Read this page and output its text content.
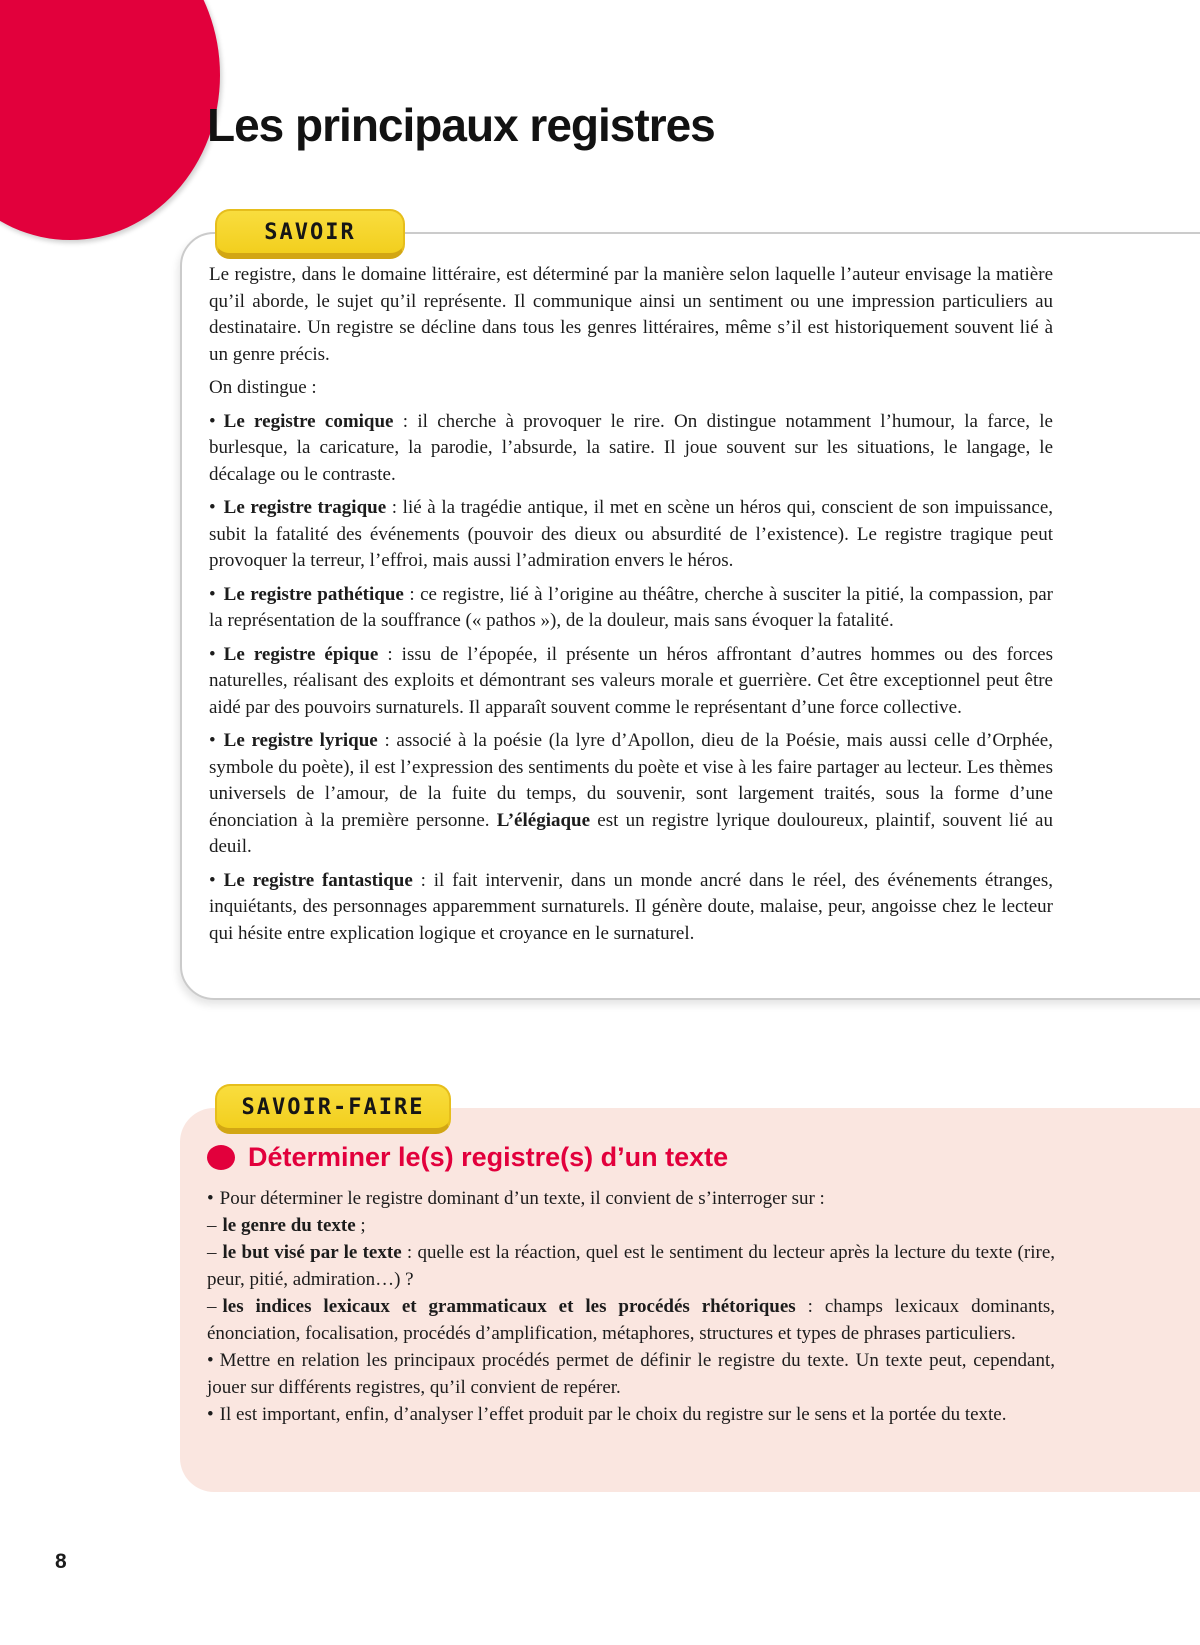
Les principaux registres
SAVOIR

Le registre, dans le domaine littéraire, est déterminé par la manière selon laquelle l’auteur envisage la matière qu’il aborde, le sujet qu’il représente. Il communique ainsi un sentiment ou une impression particuliers au destinataire. Un registre se décline dans tous les genres littéraires, même s’il est historiquement souvent lié à un genre précis.

On distingue :

• Le registre comique : il cherche à provoquer le rire. On distingue notamment l’humour, la farce, le burlesque, la caricature, la parodie, l’absurde, la satire. Il joue souvent sur les situations, le langage, le décalage ou le contraste.

• Le registre tragique : lié à la tragédie antique, il met en scène un héros qui, conscient de son impuissance, subit la fatalité des événements (pouvoir des dieux ou absurdité de l’existence). Le registre tragique peut provoquer la terreur, l’effroi, mais aussi l’admiration envers le héros.

• Le registre pathétique : ce registre, lié à l’origine au théâtre, cherche à susciter la pitié, la compassion, par la représentation de la souffrance (« pathos »), de la douleur, mais sans évoquer la fatalité.

• Le registre épique : issu de l’épopée, il présente un héros affrontant d’autres hommes ou des forces naturelles, réalisant des exploits et démontrant ses valeurs morale et guerrière. Cet être exceptionnel peut être aidé par des pouvoirs surnaturels. Il apparaît souvent comme le représentant d’une force collective.

• Le registre lyrique : associé à la poésie (la lyre d’Apollon, dieu de la Poésie, mais aussi celle d’Orphée, symbole du poète), il est l’expression des sentiments du poète et vise à les faire partager au lecteur. Les thèmes universels de l’amour, de la fuite du temps, du souvenir, sont largement traités, sous la forme d’une énonciation à la première personne. L’élégiaque est un registre lyrique douloureux, plaintif, souvent lié au deuil.

• Le registre fantastique : il fait intervenir, dans un monde ancré dans le réel, des événements étranges, inquiétants, des personnages apparemment surnaturels. Il génère doute, malaise, peur, angoisse chez le lecteur qui hésite entre explication logique et croyance en le surnaturel.

SAVOIR-FAIRE
Déterminer le(s) registre(s) d’un texte

• Pour déterminer le registre dominant d’un texte, il convient de s’interroger sur :

– le genre du texte ;

– le but visé par le texte : quelle est la réaction, quel est le sentiment du lecteur après la lecture du texte (rire, peur, pitié, admiration…) ?

– les indices lexicaux et grammaticaux et les procédés rhétoriques : champs lexicaux dominants, énonciation, focalisation, procédés d’amplification, métaphores, structures et types de phrases particuliers.

• Mettre en relation les principaux procédés permet de définir le registre du texte. Un texte peut, cependant, jouer sur différents registres, qu’il convient de repérer.

• Il est important, enfin, d’analyser l’effet produit par le choix du registre sur le sens et la portée du texte.

8
